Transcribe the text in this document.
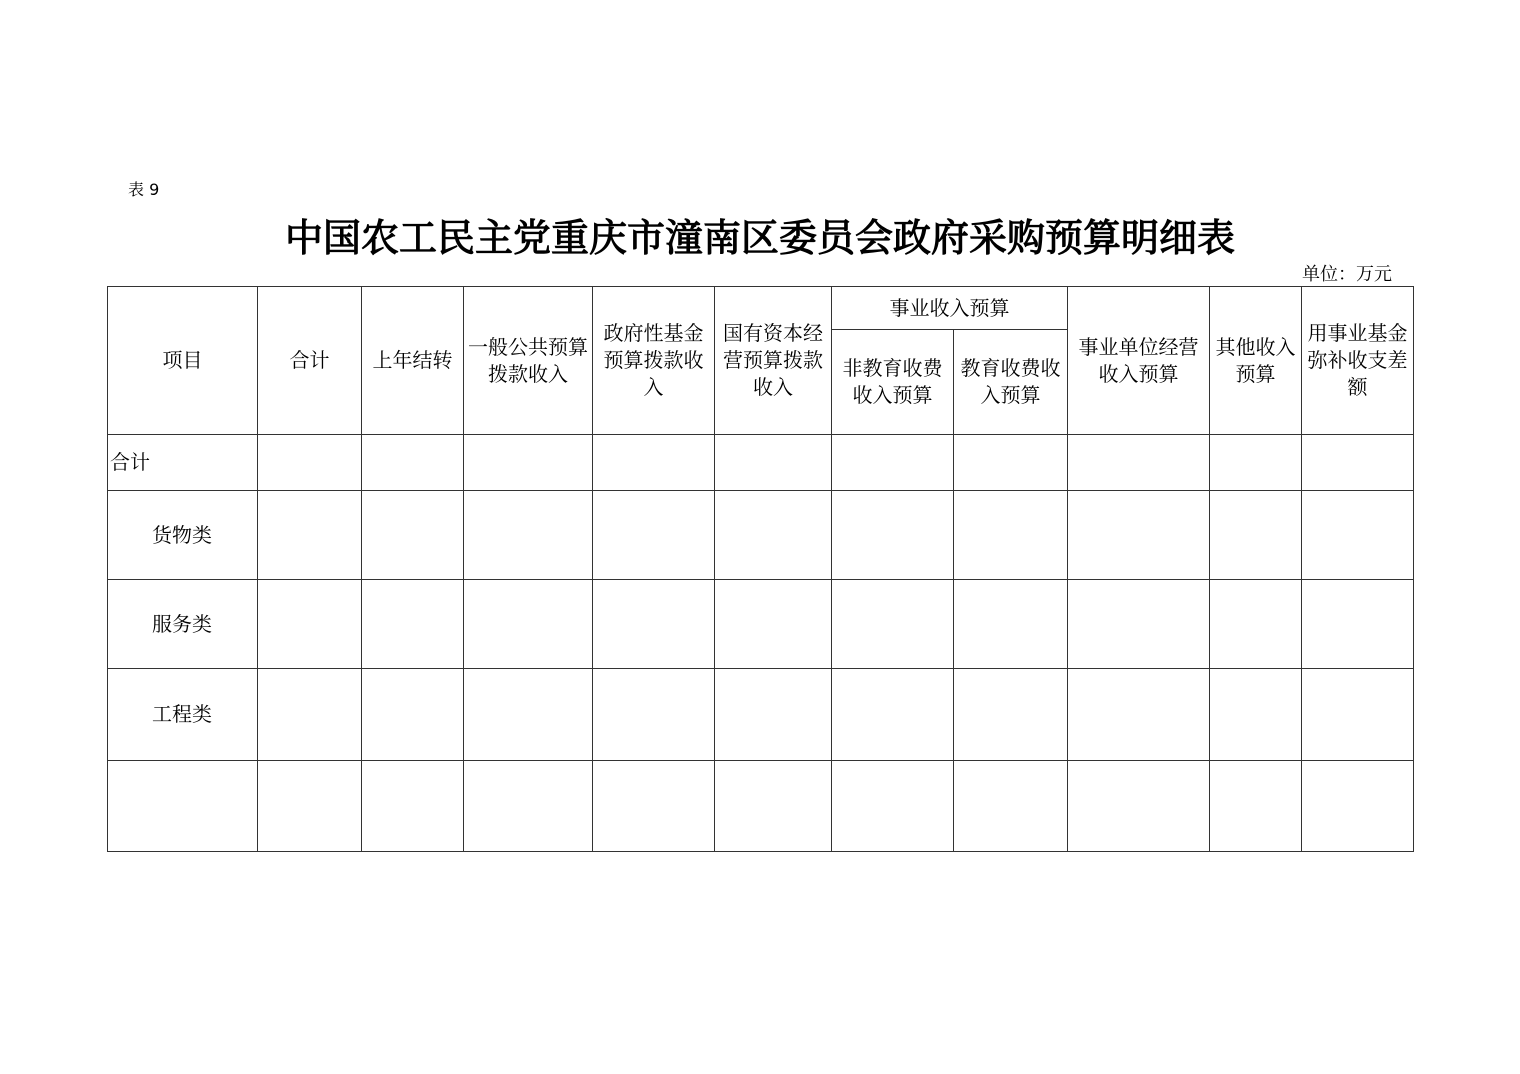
表 9
中国农工民主党重庆市潼南区委员会政府采购预算明细表
单位：万元
项目	合计	上年结转	一般公共预算拨款收入	政府性基金预算拨款收入	国有资本经营预算拨款收入	事业收入预算		事业单位经营收入预算	其他收入预算	用事业基金弥补收支差额
						非教育收费收入预算	教育收费收入预算			
合计										
货物类										
服务类										
工程类										
